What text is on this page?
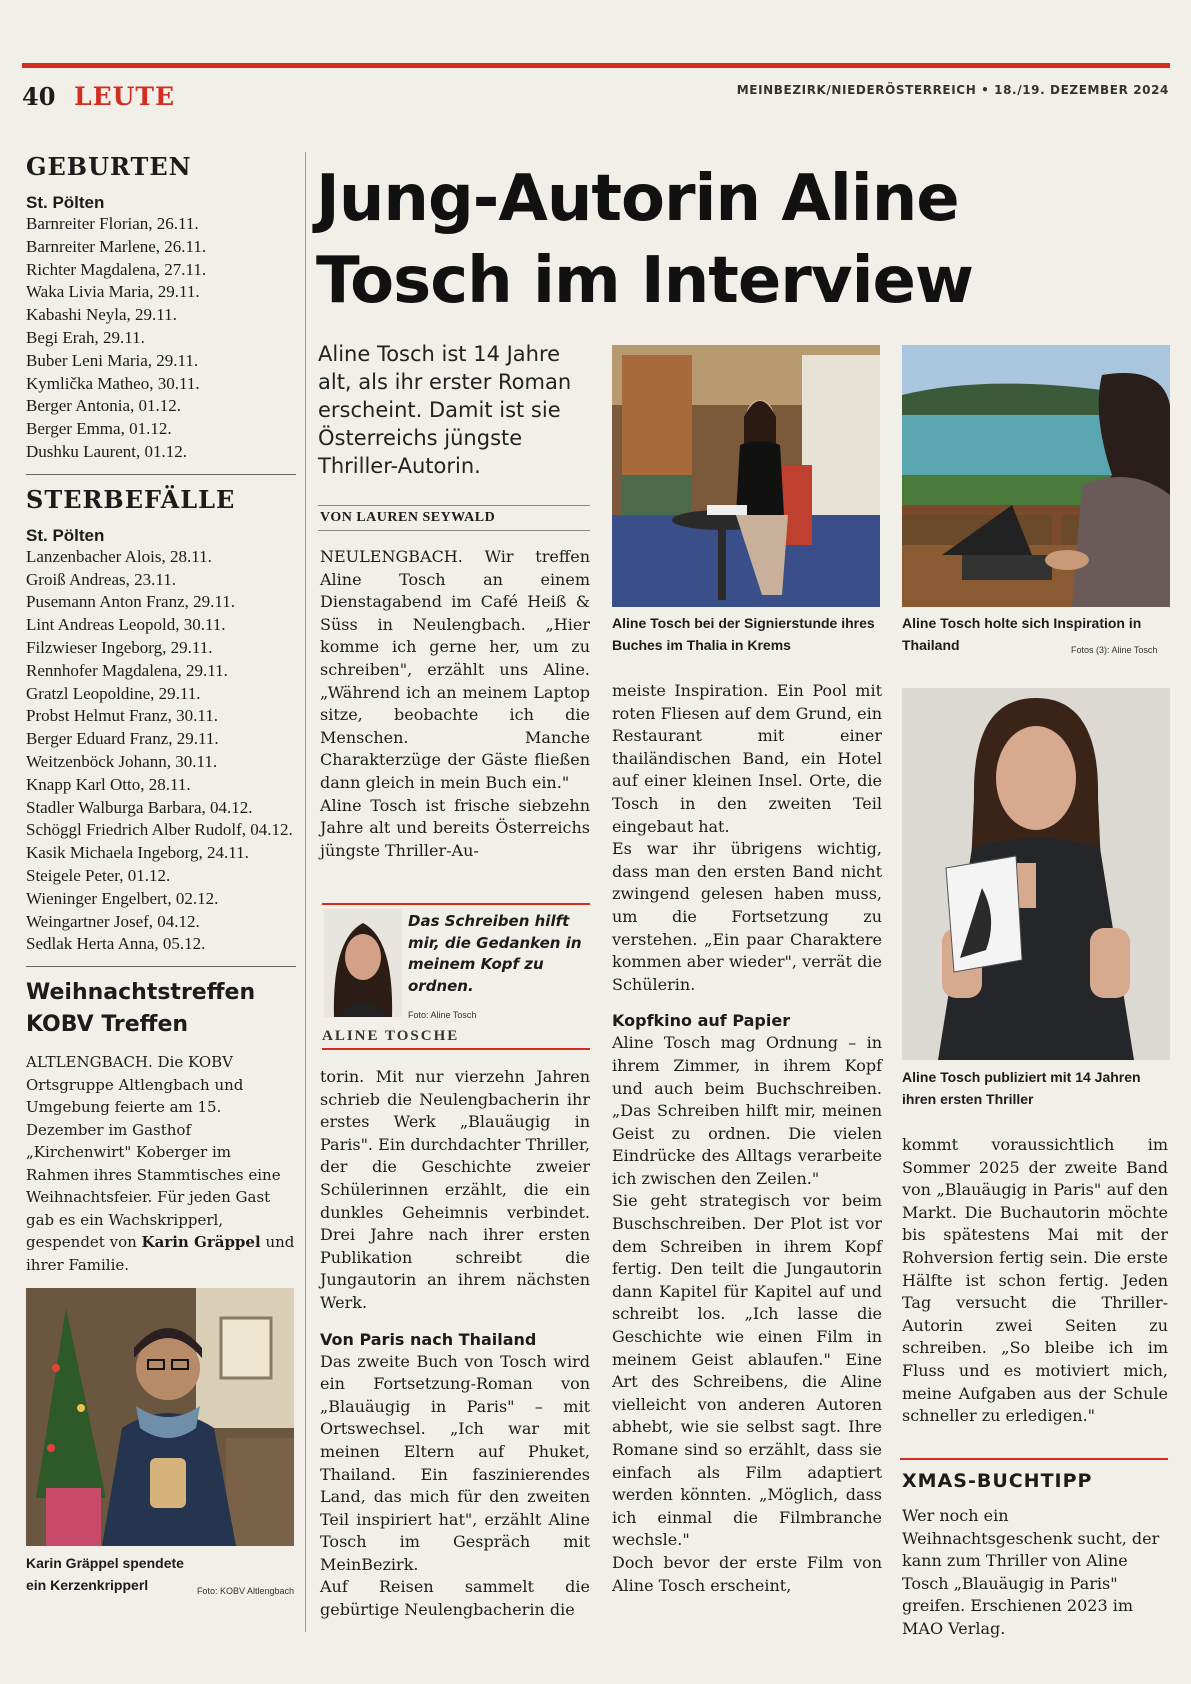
40 LEUTE	MEINBEZIRK/NIEDERÖSTERREICH • 18./19. DEZEMBER 2024
GEBURTEN
St. Pölten
Barnreiter Florian, 26.11.
Barnreiter Marlene, 26.11.
Richter Magdalena, 27.11.
Waka Livia Maria, 29.11.
Kabashi Neyla, 29.11.
Begi Erah, 29.11.
Buber Leni Maria, 29.11.
Kymlička Matheo, 30.11.
Berger Antonia, 01.12.
Berger Emma, 01.12.
Dushku Laurent, 01.12.
STERBEFÄLLE
St. Pölten
Lanzenbacher Alois, 28.11.
Groiß Andreas, 23.11.
Pusemann Anton Franz, 29.11.
Lint Andreas Leopold, 30.11.
Filzwieser Ingeborg, 29.11.
Rennhofer Magdalena, 29.11.
Gratzl Leopoldine, 29.11.
Probst Helmut Franz, 30.11.
Berger Eduard Franz, 29.11.
Weitzenböck Johann, 30.11.
Knapp Karl Otto, 28.11.
Stadler Walburga Barbara, 04.12.
Schöggl Friedrich Alber Rudolf, 04.12.
Kasik Michaela Ingeborg, 24.11.
Steigele Peter, 01.12.
Wieninger Engelbert, 02.12.
Weingartner Josef, 04.12.
Sedlak Herta Anna, 05.12.
Weihnachtstreffen
KOBV Treffen
ALTLENGBACH. Die KOBV Ortsgruppe Altlengbach und Umgebung feierte am 15. Dezember im Gasthof „Kirchenwirt" Koberger im Rahmen ihres Stammtisches eine Weihnachtsfeier. Für jeden Gast gab es ein Wachskripperl, gespendet von Karin Gräppel und ihrer Familie.
Karin Gräppel spendete ein Kerzenkripperl	Foto: KOBV Altlengbach
Jung-Autorin Aline
Tosch im Interview
Aline Tosch ist 14 Jahre alt, als ihr erster Roman erscheint. Damit ist sie Österreichs jüngste Thriller-Autorin.
VON LAUREN SEYWALD

NEULENGBACH. Wir treffen Aline Tosch an einem Dienstagabend im Café Heiß & Süss in Neulengbach. „Hier komme ich gerne her, um zu schreiben", erzählt uns Aline. „Während ich an meinem Laptop sitze, beobachte ich die Menschen. Manche Charakterzüge der Gäste fließen dann gleich in mein Buch ein."

Aline Tosch ist frische siebzehn Jahre alt und bereits Österreichs jüngste Thriller-Au-

Das Schreiben hilft mir, die Gedanken in meinem Kopf zu ordnen.
Foto: Aline Tosch
ALINE TOSCHE

torin. Mit nur vierzehn Jahren schrieb die Neulengbacherin ihr erstes Werk „Blauäugig in Paris". Ein durchdachter Thriller, der die Geschichte zweier Schülerinnen erzählt, die ein dunkles Geheimnis verbindet. Drei Jahre nach ihrer ersten Publikation schreibt die Jungautorin an ihrem nächsten Werk.

Von Paris nach Thailand

Das zweite Buch von Tosch wird ein Fortsetzung-Roman von „Blauäugig in Paris" – mit Ortswechsel. „Ich war mit meinen Eltern auf Phuket, Thailand. Ein faszinierendes Land, das mich für den zweiten Teil inspiriert hat", erzählt Aline Tosch im Gespräch mit MeinBezirk.

Auf Reisen sammelt die gebürtige Neulengbacherin die

Aline Tosch bei der Signierstunde ihres Buches im Thalia in Krems
Aline Tosch holte sich Inspiration in Thailand	Fotos (3): Aline Tosch

meiste Inspiration. Ein Pool mit roten Fliesen auf dem Grund, ein Restaurant mit einer thailändischen Band, ein Hotel auf einer kleinen Insel. Orte, die Tosch in den zweiten Teil eingebaut hat.

Es war ihr übrigens wichtig, dass man den ersten Band nicht zwingend gelesen haben muss, um die Fortsetzung zu verstehen. „Ein paar Charaktere kommen aber wieder", verrät die Schülerin.

Kopfkino auf Papier

Aline Tosch mag Ordnung – in ihrem Zimmer, in ihrem Kopf und auch beim Buchschreiben. „Das Schreiben hilft mir, meinen Geist zu ordnen. Die vielen Eindrücke des Alltags verarbeite ich zwischen den Zeilen."

Sie geht strategisch vor beim Buschschreiben. Der Plot ist vor dem Schreiben in ihrem Kopf fertig. Den teilt die Jungautorin dann Kapitel für Kapitel auf und schreibt los. „Ich lasse die Geschichte wie einen Film in meinem Geist ablaufen." Eine Art des Schreibens, die Aline vielleicht von anderen Autoren abhebt, wie sie selbst sagt. Ihre Romane sind so erzählt, dass sie einfach als Film adaptiert werden könnten. „Möglich, dass ich einmal die Filmbranche wechsle."

Doch bevor der erste Film von Aline Tosch erscheint,

Aline Tosch publiziert mit 14 Jahren ihren ersten Thriller

kommt voraussichtlich im Sommer 2025 der zweite Band von „Blauäugig in Paris" auf den Markt. Die Buchautorin möchte bis spätestens Mai mit der Rohversion fertig sein. Die erste Hälfte ist schon fertig. Jeden Tag versucht die Thriller-Autorin zwei Seiten zu schreiben. „So bleibe ich im Fluss und es motiviert mich, meine Aufgaben aus der Schule schneller zu erledigen."

XMAS-BUCHTIPP
Wer noch ein Weihnachtsgeschenk sucht, der kann zum Thriller von Aline Tosch „Blauäugig in Paris" greifen. Erschienen 2023 im MAO Verlag.
